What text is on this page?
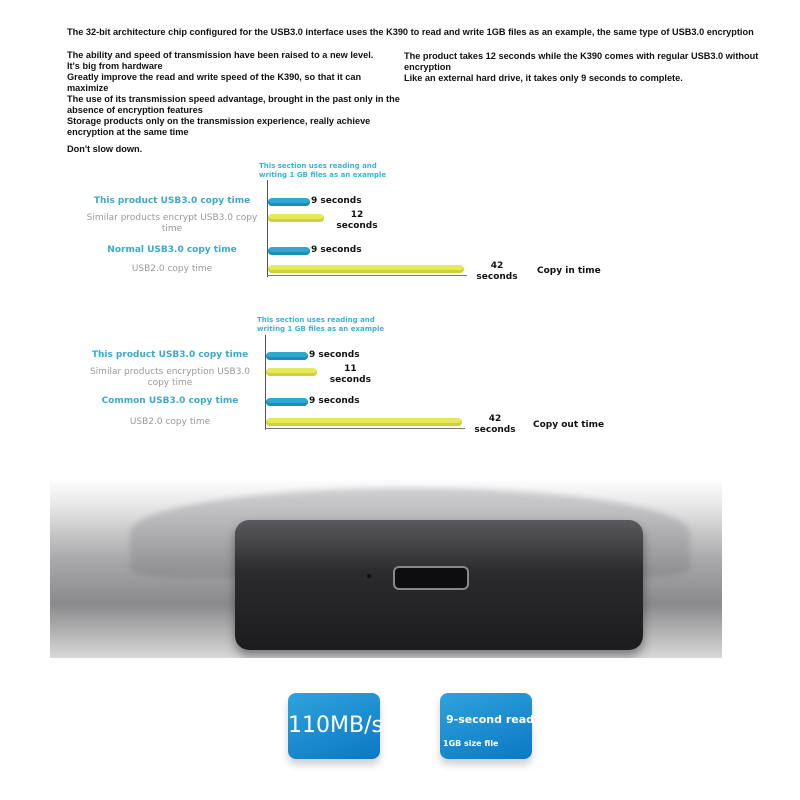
The 32-bit architecture chip configured for the USB3.0 interface uses the K390 to read and write 1GB files as an example, the same type of USB3.0 encryption
The ability and speed of transmission have been raised to a new level.
It's big from hardware
Greatly improve the read and write speed of the K390, so that it can maximize
The use of its transmission speed advantage, brought in the past only in the absence of encryption features
Storage products only on the transmission experience, really achieve encryption at the same time
Don't slow down.
The product takes 12 seconds while the K390 comes with regular USB3.0 without encryption
Like an external hard drive, it takes only 9 seconds to complete.
This section uses reading and writing 1 GB files as an example
This product USB3.0 copy time	9 seconds
Similar products encrypt USB3.0 copy time
12 seconds
Normal USB3.0 copy time	9 seconds
USB2.0 copy time	42 seconds
Copy in time
This section uses reading and writing 1 GB files as an example
This product USB3.0 copy time	9 seconds
Similar products encryption USB3.0 copy time
11 seconds
Common USB3.0 copy time	9 seconds
USB2.0 copy time	42 seconds	Copy out time
110MB/s	9-second read/write
1GB size file
